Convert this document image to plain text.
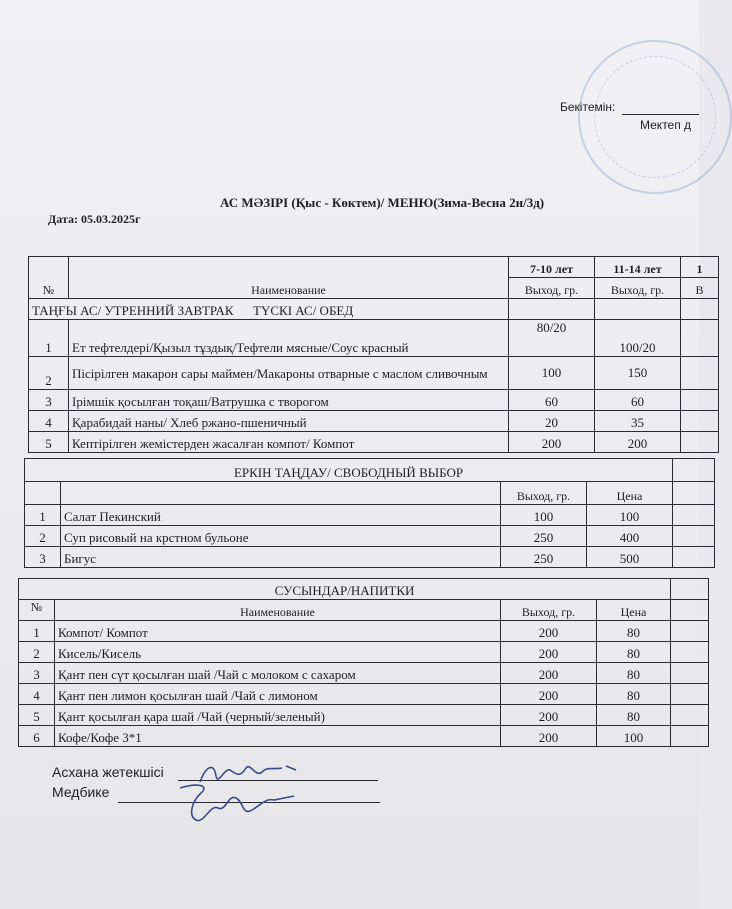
Бекітемін:
Мектеп д
АС МӘЗІРІ (Қыс - Көктем)/ МЕНЮ(Зима-Весна 2н/3д)
Дата: 05.03.2025г
№	Наименование	7-10 лет	11-14 лет	1
		Выход, гр.	Выход, гр.	В
ТАҢҒЫ АС/ УТРЕННИЙ ЗАВТРАК      ТҮСКІ АС/ ОБЕД				
1	Ет тефтелдері/Қызыл тұздық/Тефтели мясные/Соус красный	80/20	100/20	
2	Пісірілген макарон сары маймен/Макароны отварные с маслом сливочным	100	150	
3	Ірімшік қосылған тоқаш/Ватрушка с творогом	60	60	
4	Қарабидай наны/ Хлеб ржано-пшеничный	20	35	
5	Кептірілген жемістерден жасалған компот/ Компот	200	200	
ЕРКІН ТАҢДАУ/ СВОБОДНЫЙ ВЫБОР				
		Выход, гр.	Цена	
1	Салат Пекинский	100	100	
2	Суп рисовый на крстном бульоне	250	400	
3	Бигус	250	500	
СУСЫНДАР/НАПИТКИ				
№	Наименование	Выход, гр.	Цена	
1	Компот/ Компот	200	80	
2	Кисель/Кисель	200	80	
3	Қант пен сүт қосылған шай /Чай с молоком с сахаром	200	80	
4	Қант пен лимон қосылған шай /Чай с лимоном	200	80	
5	Қант қосылған қара шай /Чай (черный/зеленый)	200	80	
6	Кофе/Кофе 3*1	200	100	
Асхана жетекшісі
Медбике
